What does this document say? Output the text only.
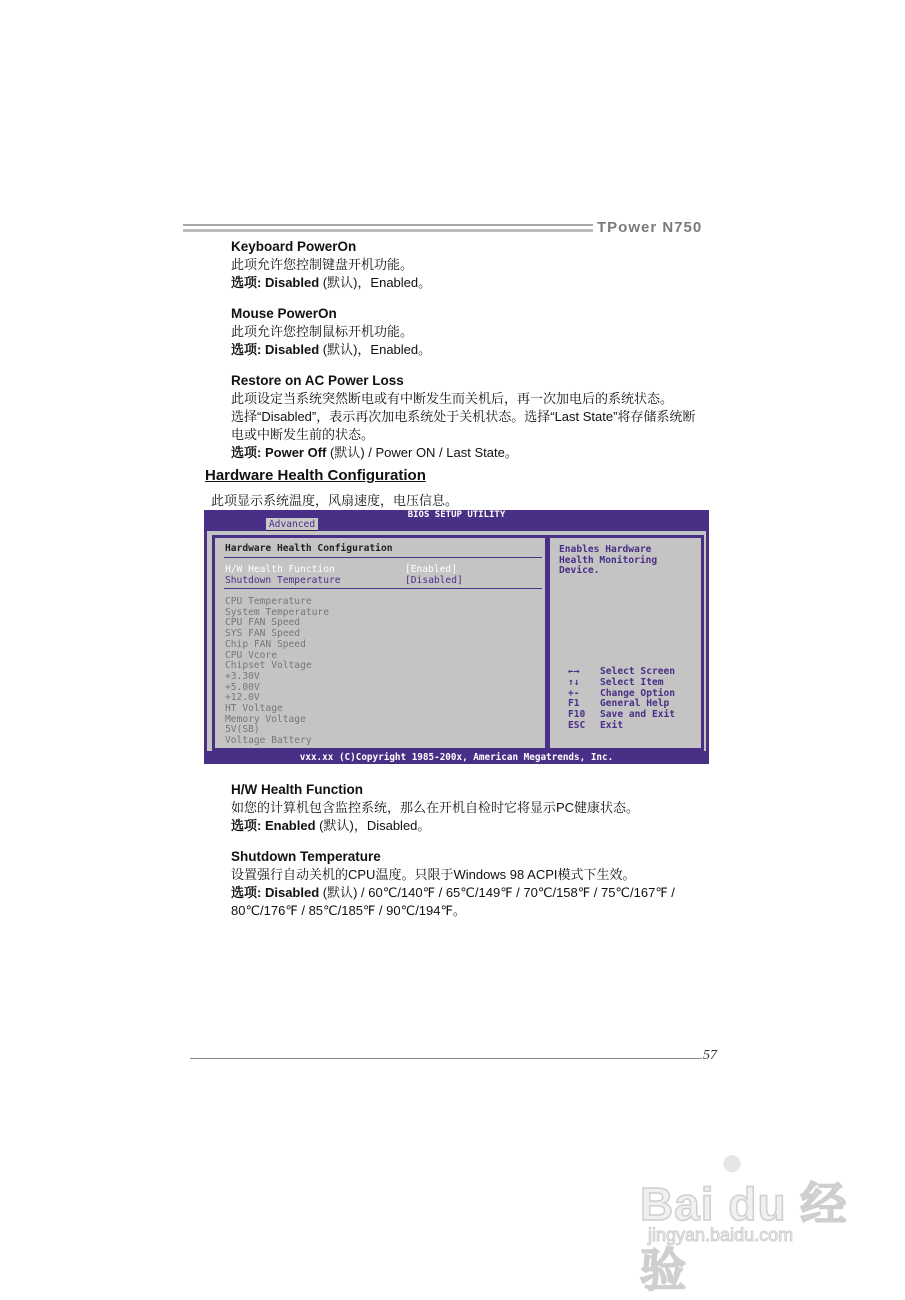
TPower N750
Keyboard PowerOn
此项允许您控制键盘开机功能。
选项: Disabled (默认)，Enabled。
Mouse PowerOn
此项允许您控制鼠标开机功能。
选项: Disabled (默认)，Enabled。
Restore on AC Power Loss
此项设定当系统突然断电或有中断发生而关机后，再一次加电后的系统状态。
选择“Disabled”，表示再次加电系统处于关机状态。选择“Last State”将存储系统断
电或中断发生前的状态。
选项: Power Off (默认) / Power ON / Last State。
Hardware Health Configuration
此项显示系统温度，风扇速度，电压信息。
BIOS SETUP UTILITY
Advanced
Hardware Health Configuration
H/W Health Function	[Enabled]
Shutdown Temperature	[Disabled]
CPU Temperature
System Temperature
CPU FAN Speed
SYS FAN Speed
Chip FAN Speed
CPU Vcore
Chipset Voltage
+3.30V
+5.00V
+12.0V
HT Voltage
Memory Voltage
5V(SB)
Voltage Battery
Enables Hardware
Health Monitoring
Device.
←→ Select Screen
↑↓ Select Item
+- Change Option
F1 General Help
F10 Save and Exit
ESC Exit
vxx.xx (C)Copyright 1985-200x, American Megatrends, Inc.
H/W Health Function
如您的计算机包含监控系统，那么在开机自检时它将显示PC健康状态。
选项: Enabled (默认)，Disabled。
Shutdown Temperature
设置强行自动关机的CPU温度。只限于Windows 98 ACPI模式下生效。
选项: Disabled (默认) / 60℃/140℉ / 65℃/149℉ / 70℃/158℉ / 75℃/167℉ /
80℃/176℉ / 85℃/185℉ / 90℃/194℉。
57
●
Bai du 经验
jingyan.baidu.com
